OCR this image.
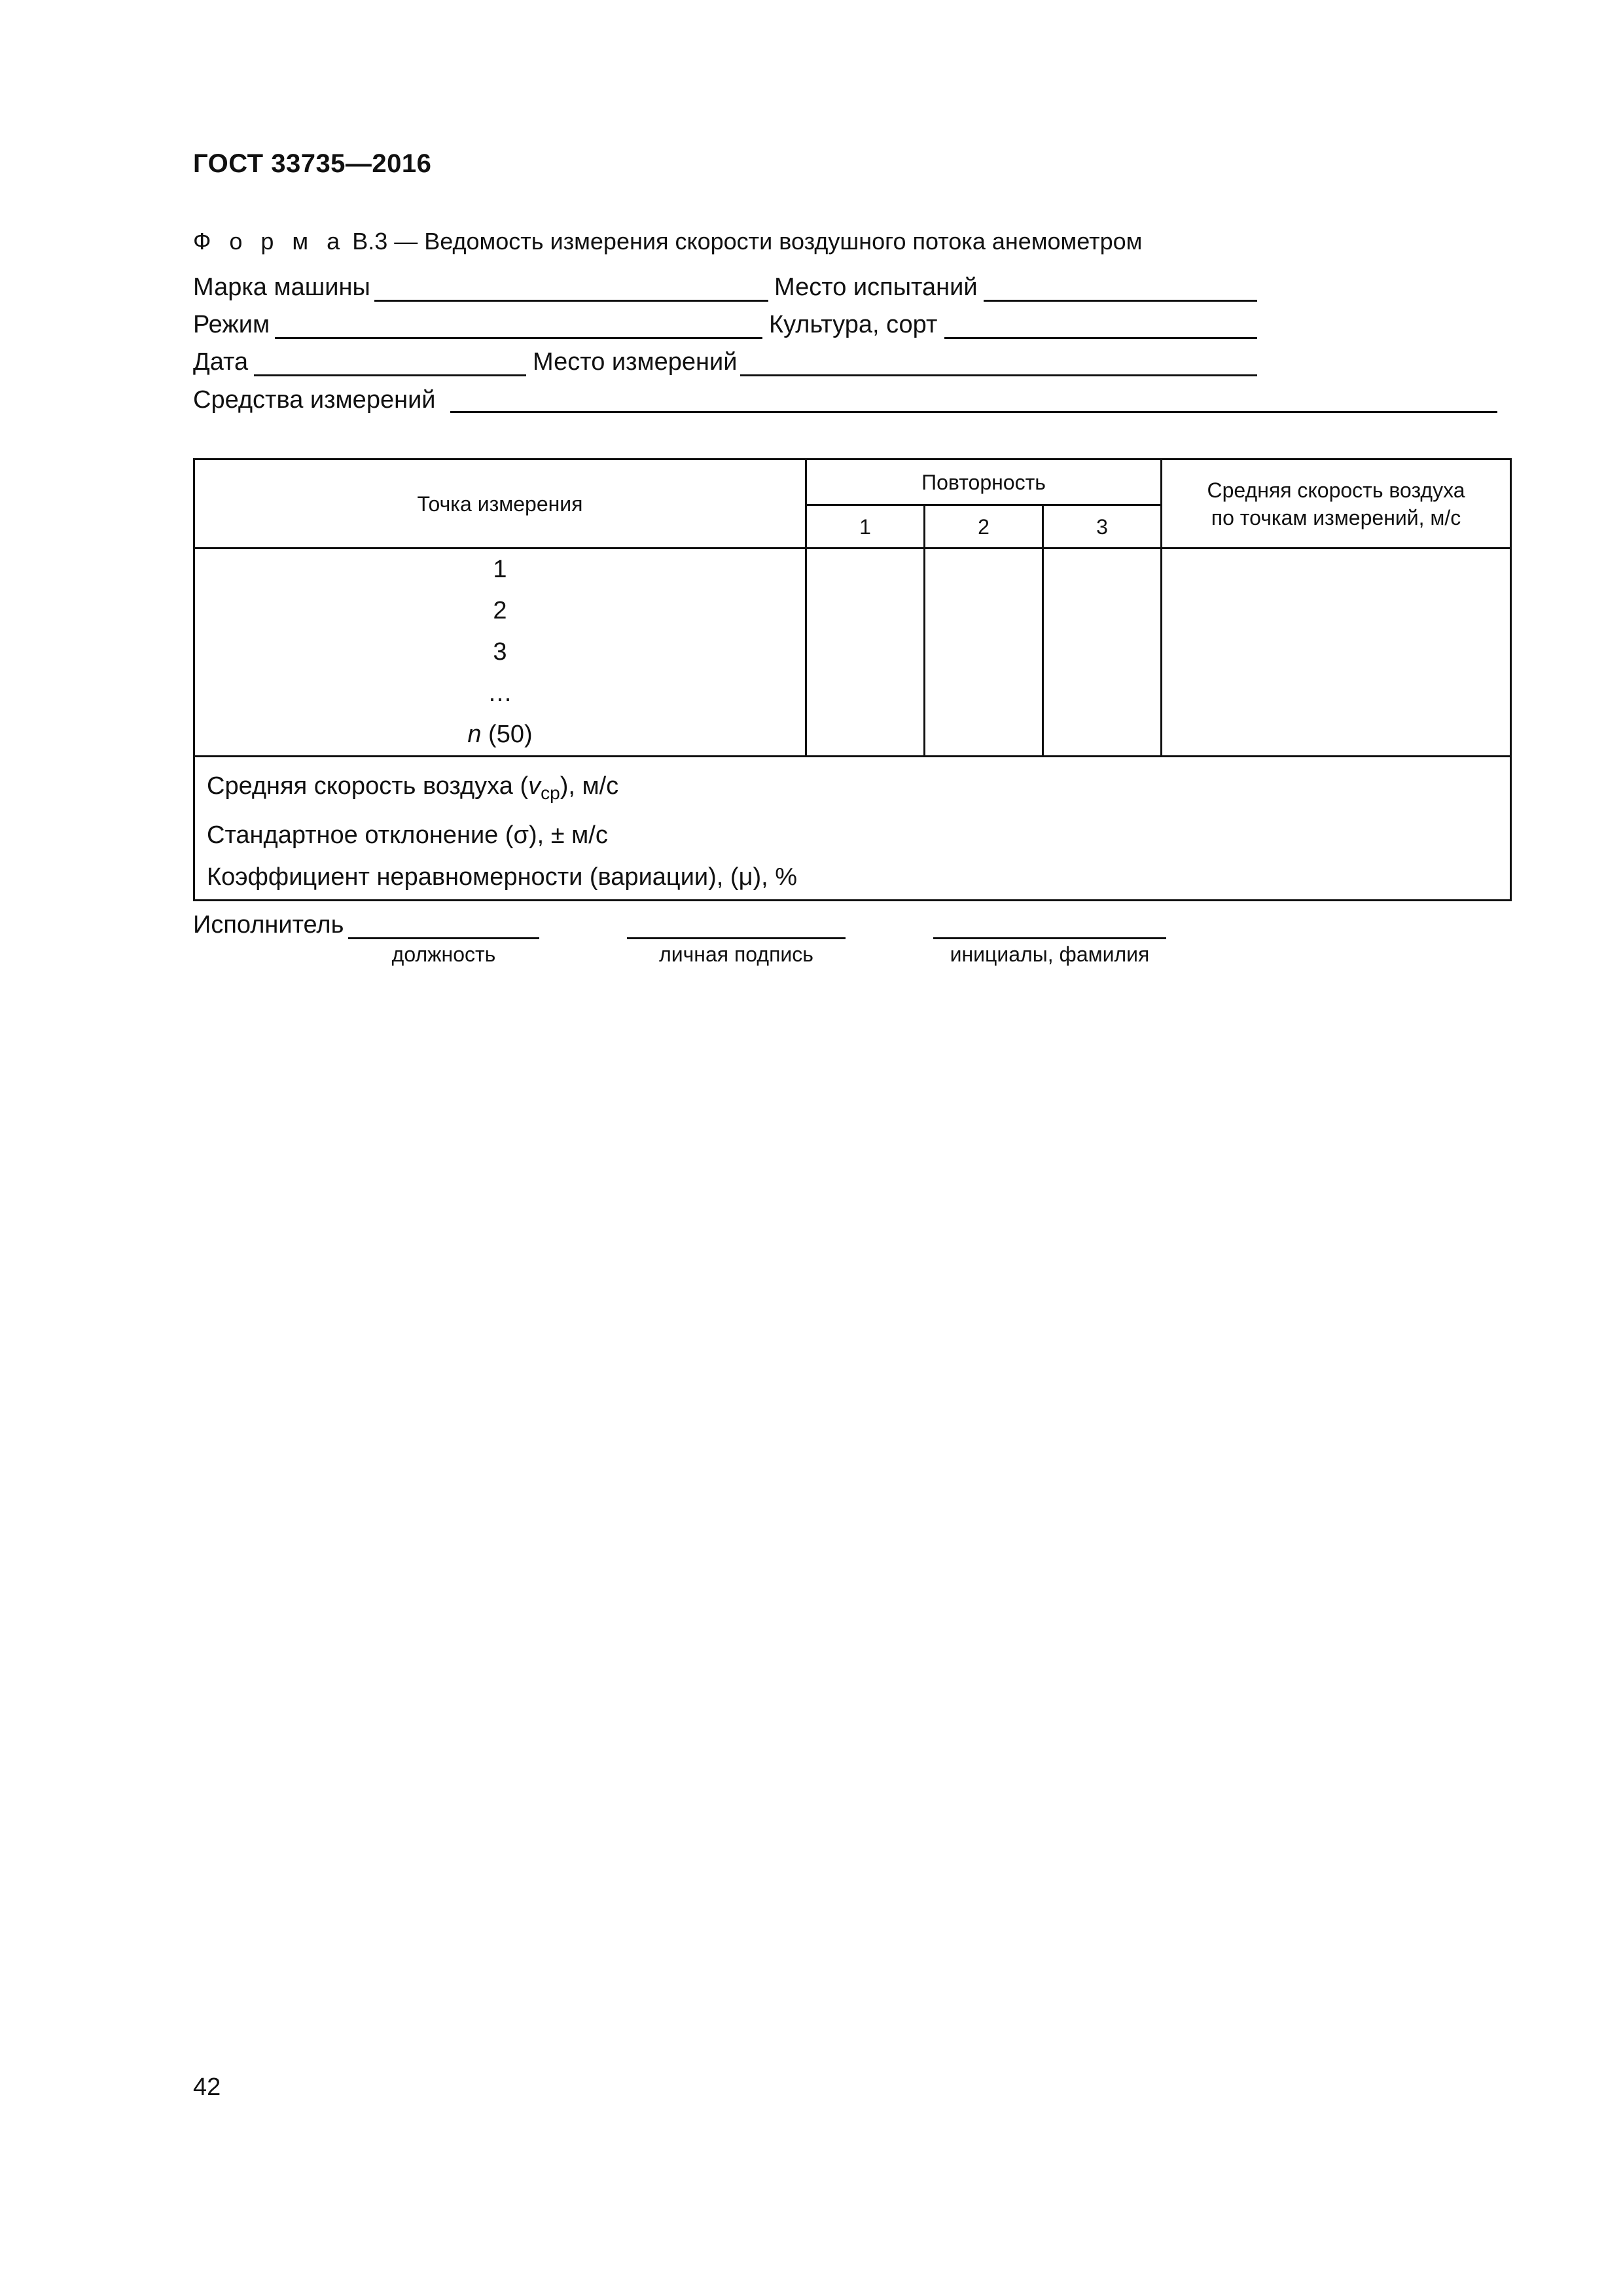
ГОСТ 33735—2016
Ф о р м а В.3 — Ведомость измерения скорости воздушного потока анемометром
Марка машины	Место испытаний
Режим	Культура, сорт
Дата	Место измерений
Средства измерений
Точка измерения	Повторность			Средняя скорость воздуха
по точкам измерений, м/с

	1	2	3	

1
2
3
…
n (50)				

Средняя скорость воздуха $(v_{ср})$, м/с
Стандартное отклонение (σ), ± м/с
Коэффициент неравномерности (вариации), (μ), %				
Исполнитель
должность	личная подпись	инициалы, фамилия
42
